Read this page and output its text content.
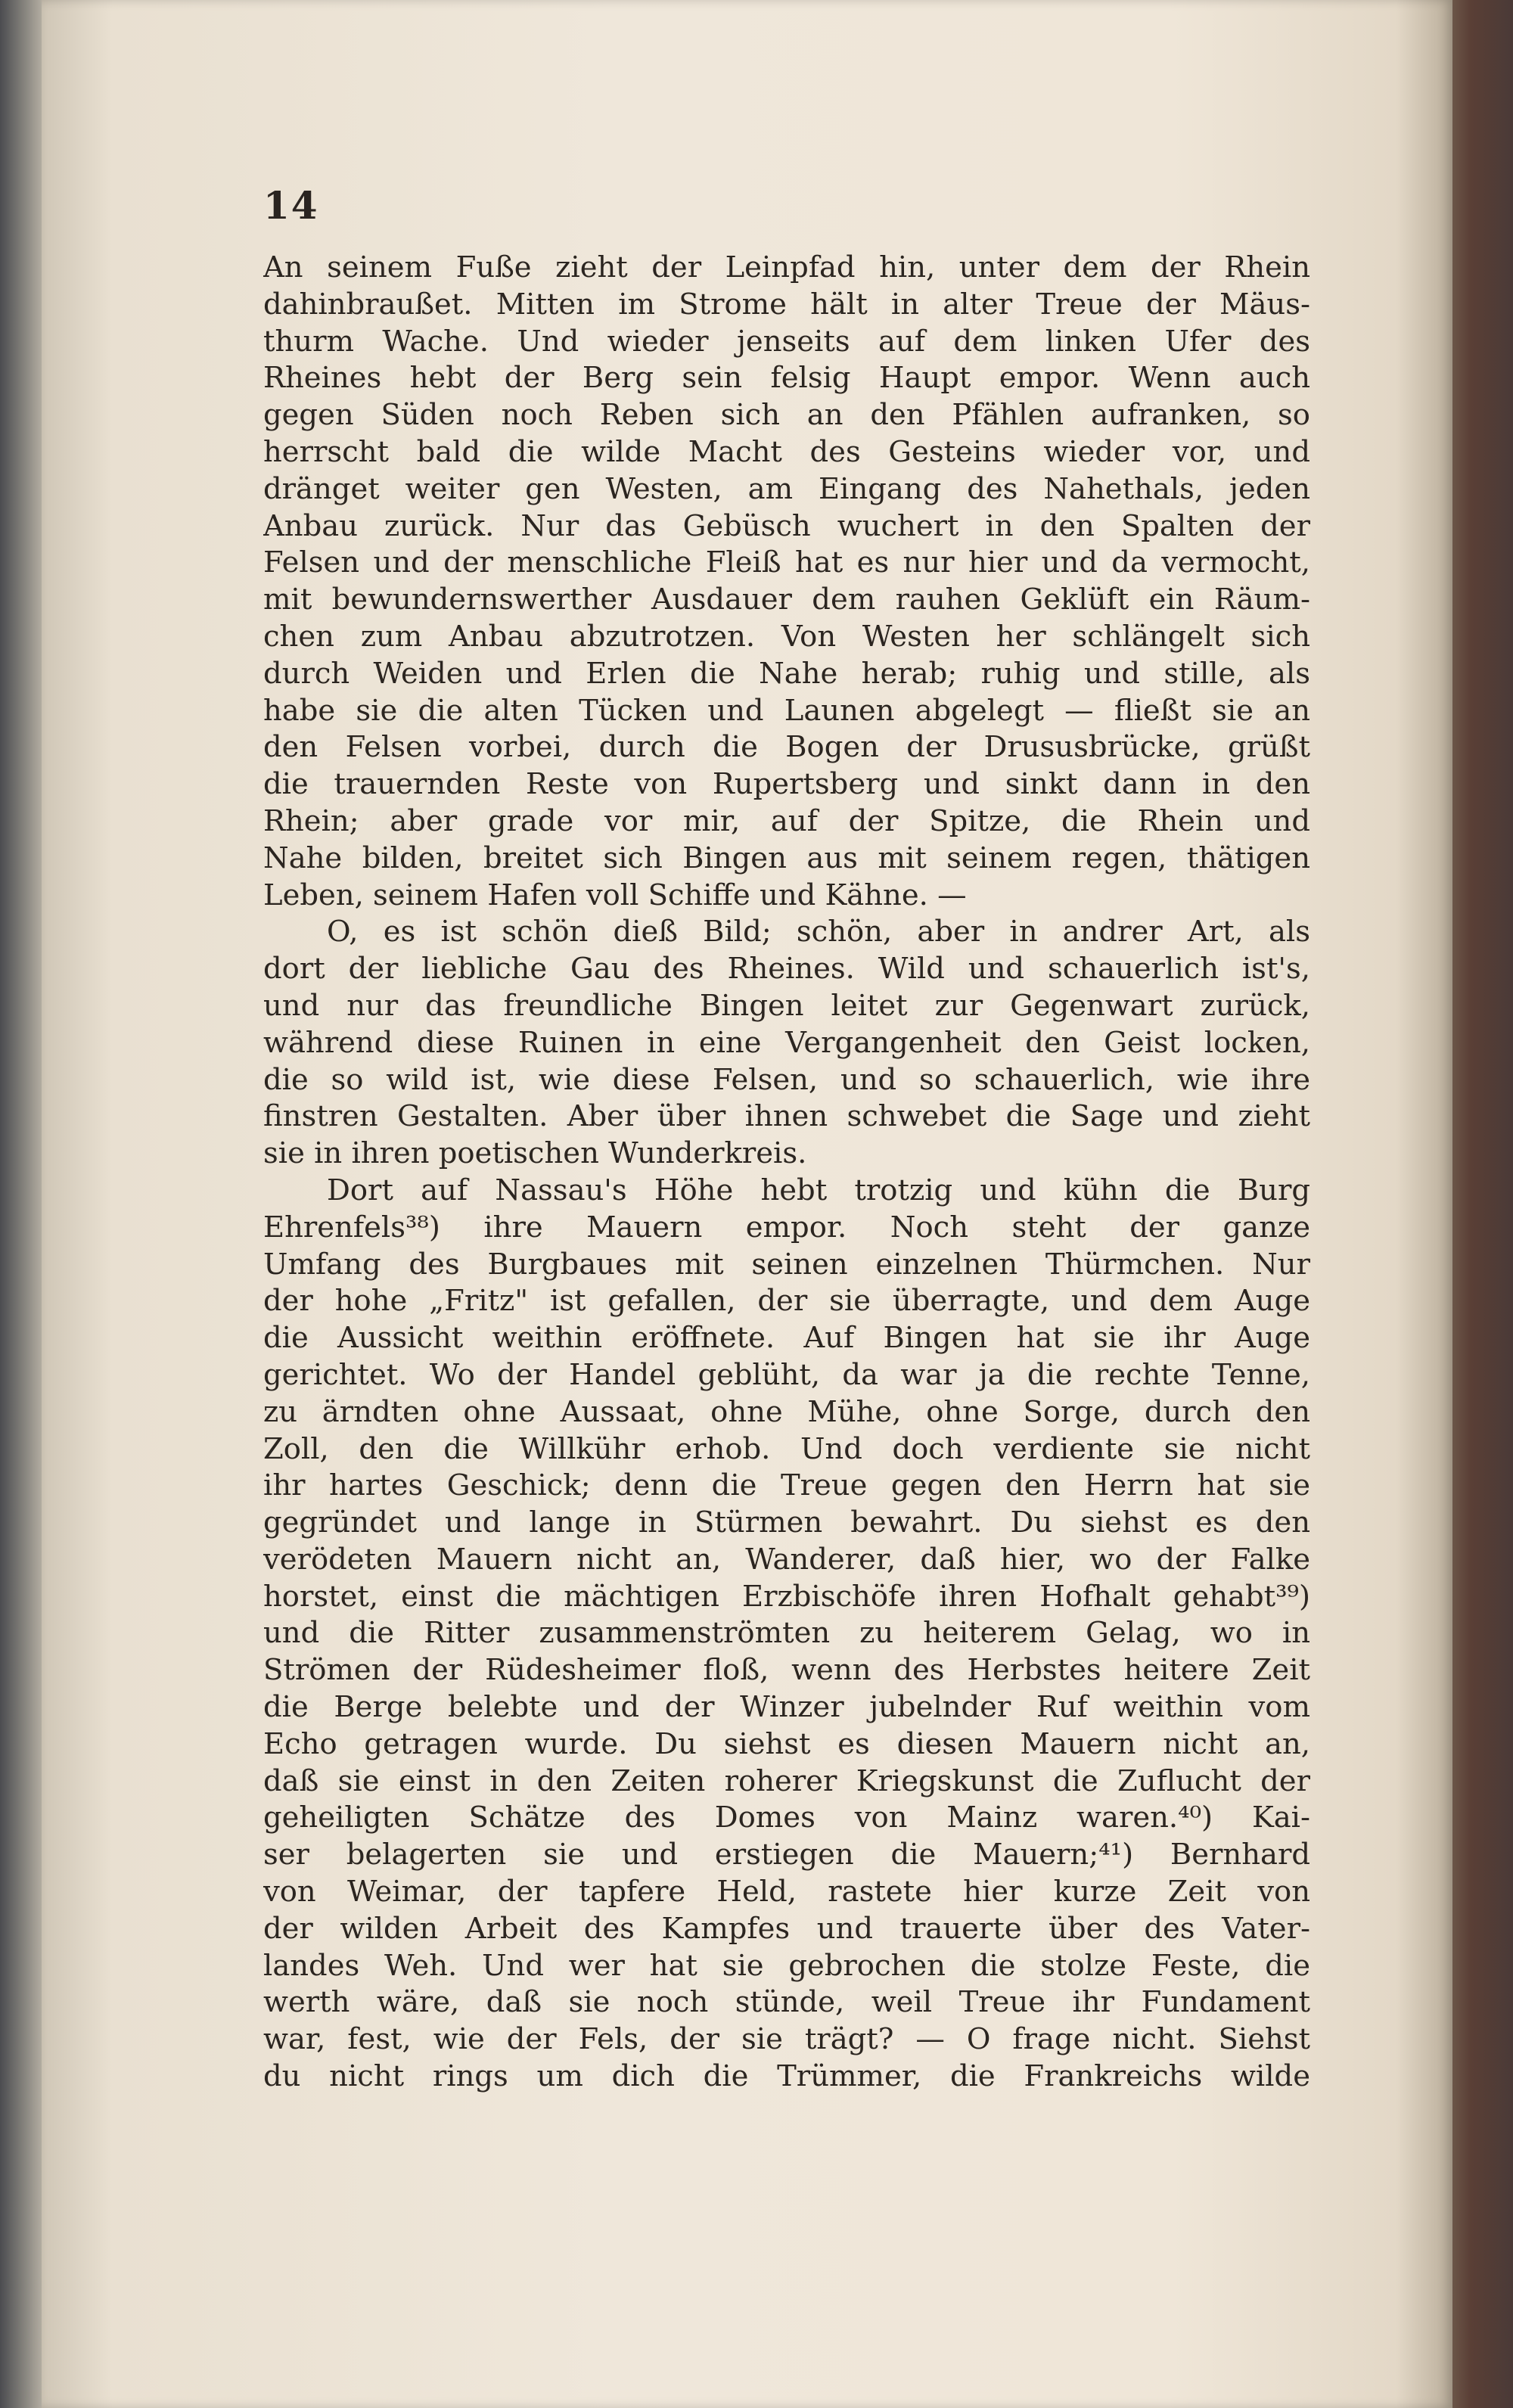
14
An seinem Fuße zieht der Leinpfad hin, unter dem der Rhein
dahinbraußet. Mitten im Strome hält in alter Treue der Mäus-
thurm Wache. Und wieder jenseits auf dem linken Ufer des
Rheines hebt der Berg sein felsig Haupt empor. Wenn auch
gegen Süden noch Reben sich an den Pfählen aufranken, so
herrscht bald die wilde Macht des Gesteins wieder vor, und
dränget weiter gen Westen, am Eingang des Nahethals, jeden
Anbau zurück. Nur das Gebüsch wuchert in den Spalten der
Felsen und der menschliche Fleiß hat es nur hier und da vermocht,
mit bewundernswerther Ausdauer dem rauhen Geklüft ein Räum-
chen zum Anbau abzutrotzen. Von Westen her schlängelt sich
durch Weiden und Erlen die Nahe herab; ruhig und stille, als
habe sie die alten Tücken und Launen abgelegt — fließt sie an
den Felsen vorbei, durch die Bogen der Drususbrücke, grüßt
die trauernden Reste von Rupertsberg und sinkt dann in den
Rhein; aber grade vor mir, auf der Spitze, die Rhein und
Nahe bilden, breitet sich Bingen aus mit seinem regen, thätigen
Leben, seinem Hafen voll Schiffe und Kähne. —
O, es ist schön dieß Bild; schön, aber in andrer Art, als
dort der liebliche Gau des Rheines. Wild und schauerlich ist's,
und nur das freundliche Bingen leitet zur Gegenwart zurück,
während diese Ruinen in eine Vergangenheit den Geist locken,
die so wild ist, wie diese Felsen, und so schauerlich, wie ihre
finstren Gestalten. Aber über ihnen schwebet die Sage und zieht
sie in ihren poetischen Wunderkreis.
Dort auf Nassau's Höhe hebt trotzig und kühn die Burg
Ehrenfels³⁸) ihre Mauern empor. Noch steht der ganze
Umfang des Burgbaues mit seinen einzelnen Thürmchen. Nur
der hohe „Fritz" ist gefallen, der sie überragte, und dem Auge
die Aussicht weithin eröffnete. Auf Bingen hat sie ihr Auge
gerichtet. Wo der Handel geblüht, da war ja die rechte Tenne,
zu ärndten ohne Aussaat, ohne Mühe, ohne Sorge, durch den
Zoll, den die Willkühr erhob. Und doch verdiente sie nicht
ihr hartes Geschick; denn die Treue gegen den Herrn hat sie
gegründet und lange in Stürmen bewahrt. Du siehst es den
verödeten Mauern nicht an, Wanderer, daß hier, wo der Falke
horstet, einst die mächtigen Erzbischöfe ihren Hofhalt gehabt³⁹)
und die Ritter zusammenströmten zu heiterem Gelag, wo in
Strömen der Rüdesheimer floß, wenn des Herbstes heitere Zeit
die Berge belebte und der Winzer jubelnder Ruf weithin vom
Echo getragen wurde. Du siehst es diesen Mauern nicht an,
daß sie einst in den Zeiten roherer Kriegskunst die Zuflucht der
geheiligten Schätze des Domes von Mainz waren.⁴⁰) Kai-
ser belagerten sie und erstiegen die Mauern;⁴¹) Bernhard
von Weimar, der tapfere Held, rastete hier kurze Zeit von
der wilden Arbeit des Kampfes und trauerte über des Vater-
landes Weh. Und wer hat sie gebrochen die stolze Feste, die
werth wäre, daß sie noch stünde, weil Treue ihr Fundament
war, fest, wie der Fels, der sie trägt? — O frage nicht. Siehst
du nicht rings um dich die Trümmer, die Frankreichs wilde
